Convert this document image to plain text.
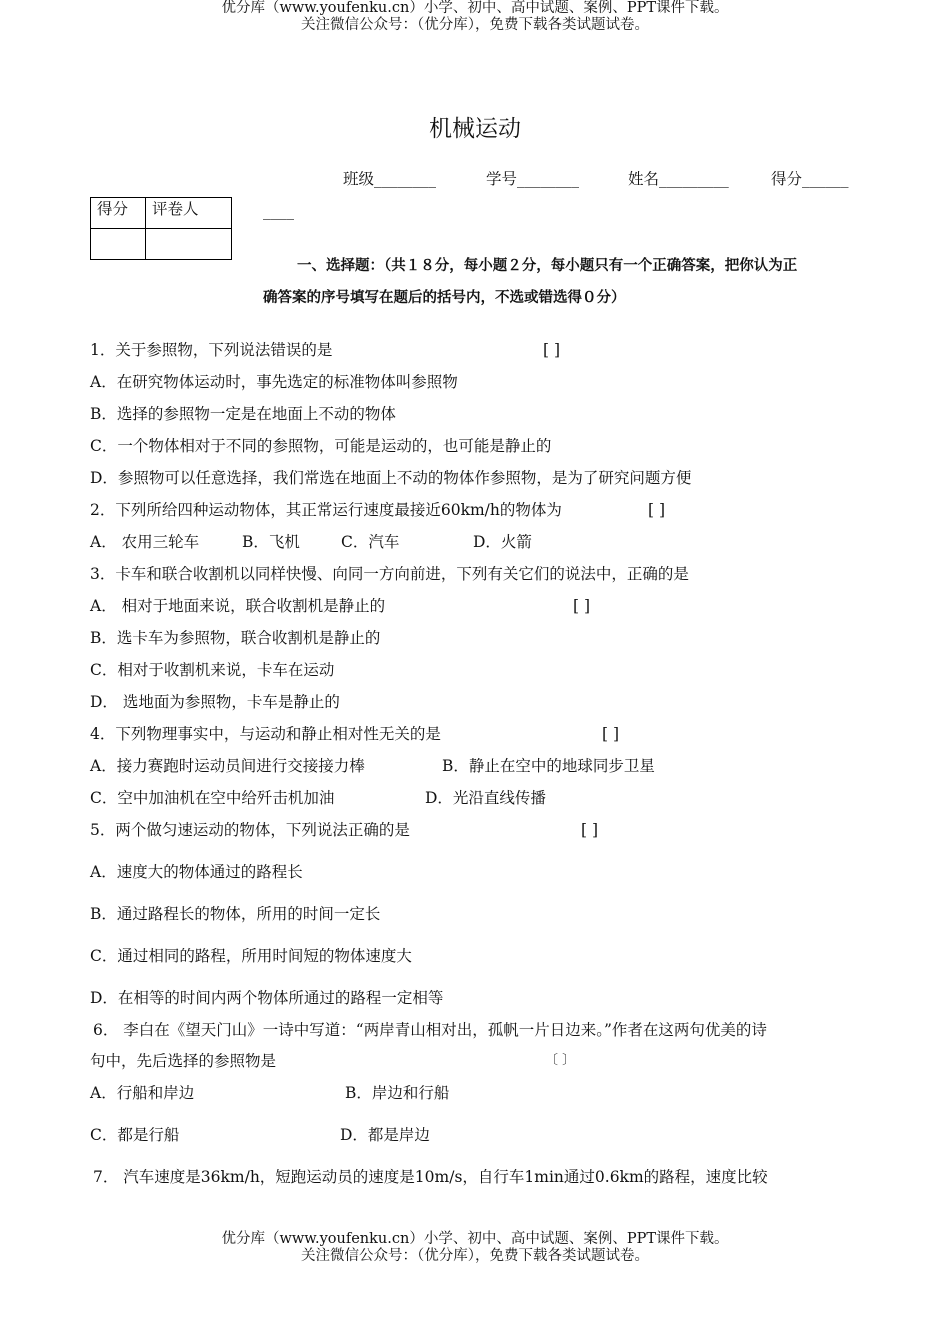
优分库（www.youfenku.cn）小学、初中、高中试题、案例、PPT课件下载。
关注微信公众号：（优分库），免费下载各类试题试卷。
机械运动
班级________	学号________	姓名_________	得分______
____
得分	评卷人

一、选择题：（共１８分，每小题２分，每小题只有一个正确答案，把你认为正
确答案的序号填写在题后的括号内，不选或错选得０分）
1．关于参照物，下列说法错误的是	[ ]
A．在研究物体运动时，事先选定的标准物体叫参照物
B．选择的参照物一定是在地面上不动的物体
C．一个物体相对于不同的参照物，可能是运动的，也可能是静止的
D．参照物可以任意选择，我们常选在地面上不动的物体作参照物，是为了研究问题方便
2．下列所给四种运动物体，其正常运行速度最接近60km/h的物体为	[ ]
A． 农用三轮车	B．飞机	C．汽车	D．火箭
3．卡车和联合收割机以同样快慢、向同一方向前进，下列有关它们的说法中，正确的是
A． 相对于地面来说，联合收割机是静止的	[ ]
B．选卡车为参照物，联合收割机是静止的
C．相对于收割机来说，卡车在运动
D． 选地面为参照物，卡车是静止的
4．下列物理事实中，与运动和静止相对性无关的是	[ ]
A．接力赛跑时运动员间进行交接接力棒	B．静止在空中的地球同步卫星
C．空中加油机在空中给歼击机加油	D．光沿直线传播
5．两个做匀速运动的物体，下列说法正确的是	[ ]
A．速度大的物体通过的路程长
B．通过路程长的物体，所用的时间一定长
C．通过相同的路程，所用时间短的物体速度大
D．在相等的时间内两个物体所通过的路程一定相等
6． 李白在《望天门山》一诗中写道：“两岸青山相对出，孤帆一片日边来。”作者在这两句优美的诗
句中，先后选择的参照物是	〔 〕
A．行船和岸边	B．岸边和行船
C．都是行船	D．都是岸边
7． 汽车速度是36km/h，短跑运动员的速度是10m/s，自行车1min通过0.6km的路程，速度比较
优分库（www.youfenku.cn）小学、初中、高中试题、案例、PPT课件下载。
关注微信公众号：（优分库），免费下载各类试题试卷。
